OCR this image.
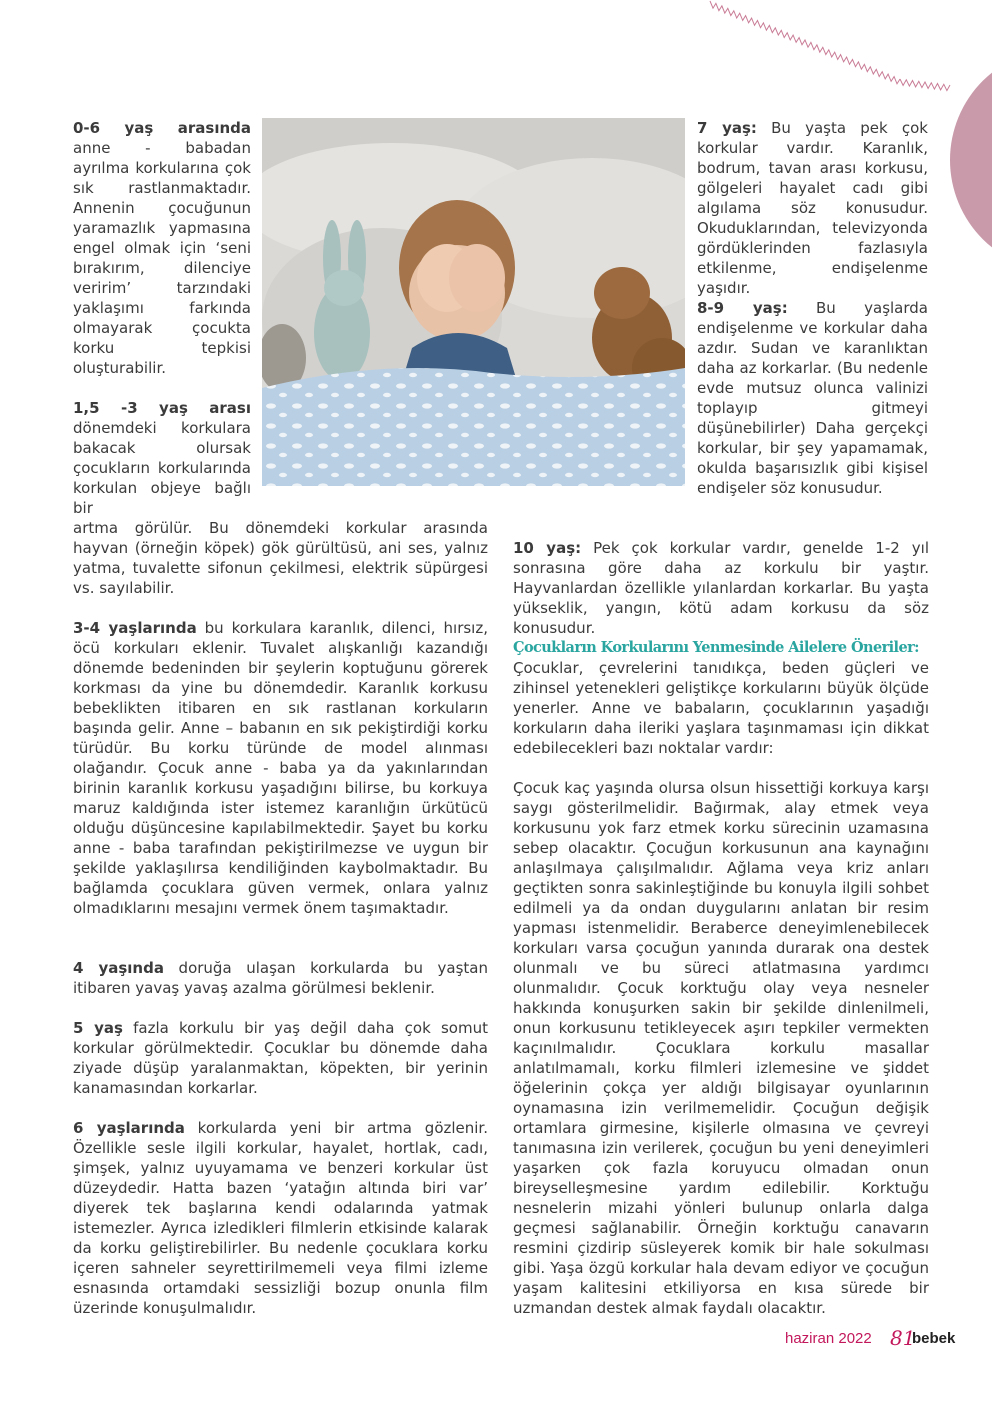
0-6 yaş arasında anne - babadan ayrılma korkularına çok sık rastlanmaktadır. Annenin çocuğunun yaramazlık yapmasına engel olmak için ‘seni bırakırım, dilenciye veririm’ tarzındaki yaklaşımı farkında olmayarak çocukta korku tepkisi oluşturabilir.

1,5 -3 yaş arası dönemdeki korkulara bakacak olursak çocukların korkularında korkulan objeye bağlı bir

artma görülür. Bu dönemdeki korkular arasında hayvan (örneğin köpek) gök gürültüsü, ani ses, yalnız yatma, tuvalette sifonun çekilmesi, elektrik süpürgesi vs. sayılabilir.

3-4 yaşlarında bu korkulara karanlık, dilenci, hırsız, öcü korkuları eklenir. Tuvalet alışkanlığı kazandığı dönemde bedeninden bir şeylerin koptuğunu görerek korkması da yine bu dönemdedir. Karanlık korkusu bebeklikten itibaren en sık rastlanan korkuların başında gelir. Anne – babanın en sık pekiştirdiği korku türüdür. Bu korku türünde de model alınması olağandır. Çocuk anne - baba ya da yakınlarından birinin karanlık korkusu yaşadığını bilirse, bu korkuya maruz kaldığında ister istemez karanlığın ürkütücü olduğu düşüncesine kapılabilmektedir. Şayet bu korku anne - baba tarafından pekiştirilmezse ve uygun bir şekilde yaklaşılırsa kendiliğinden kaybolmaktadır. Bu bağlamda çocuklara güven vermek, onlara yalnız olmadıklarını mesajını vermek önem taşımaktadır.

4 yaşında doruğa ulaşan korkularda bu yaştan itibaren yavaş yavaş azalma görülmesi beklenir.

5 yaş fazla korkulu bir yaş değil daha çok somut korkular görülmektedir. Çocuklar bu dönemde daha ziyade düşüp yaralanmaktan, köpekten, bir yerinin kanamasından korkarlar.

6 yaşlarında korkularda yeni bir artma gözlenir. Özellikle sesle ilgili korkular, hayalet, hortlak, cadı, şimşek, yalnız uyuyamama ve benzeri korkular üst düzeydedir. Hatta bazen ‘yatağın altında biri var’ diyerek tek başlarına kendi odalarında yatmak istemezler. Ayrıca izledikleri filmlerin etkisinde kalarak da korku geliştirebilirler. Bu nedenle çocuklara korku içeren sahneler seyrettirilmemeli veya filmi izleme esnasında ortamdaki sessizliği bozup onunla film üzerinde konuşulmalıdır.

7 yaş: Bu yaşta pek çok korkular vardır. Karanlık, bodrum, tavan arası korkusu, gölgeleri hayalet cadı gibi algılama söz konusudur. Okuduklarından, televizyonda gördüklerinden fazlasıyla etkilenme, endişelenme yaşıdır.

8-9 yaş: Bu yaşlarda endişelenme ve korkular daha azdır. Sudan ve karanlıktan daha az korkarlar. (Bu nedenle evde mutsuz olunca valinizi toplayıp gitmeyi düşünebilirler) Daha gerçekçi korkular, bir şey yapamamak, okulda başarısızlık gibi kişisel endişeler söz konusudur.

10 yaş: Pek çok korkular vardır, genelde 1-2 yıl sonrasına göre daha az korkulu bir yaştır. Hayvanlardan özellikle yılanlardan korkarlar. Bu yaşta yükseklik, yangın, kötü adam korkusu da söz konusudur.

Çocukların Korkularını Yenmesinde Ailelere Öneriler:

Çocuklar, çevrelerini tanıdıkça, beden güçleri ve zihinsel yetenekleri geliştikçe korkularını büyük ölçüde yenerler. Anne ve babaların, çocuklarının yaşadığı korkuların daha ileriki yaşlara taşınmaması için dikkat edebilecekleri bazı noktalar vardır:

Çocuk kaç yaşında olursa olsun hissettiği korkuya karşı saygı gösterilmelidir. Bağırmak, alay etmek veya korkusunu yok farz etmek korku sürecinin uzamasına sebep olacaktır. Çocuğun korkusunun ana kaynağını anlaşılmaya çalışılmalıdır. Ağlama veya kriz anları geçtikten sonra sakinleştiğinde bu konuyla ilgili sohbet edilmeli ya da ondan duygularını anlatan bir resim yapması istenmelidir. Beraberce deneyimlenebilecek korkuları varsa çocuğun yanında durarak ona destek olunmalı ve bu süreci atlatmasına yardımcı olunmalıdır. Çocuk korktuğu olay veya nesneler hakkında konuşurken sakin bir şekilde dinlenilmeli, onun korkusunu tetikleyecek aşırı tepkiler vermekten kaçınılmalıdır. Çocuklara korkulu masallar anlatılmamalı, korku filmleri izlemesine ve şiddet öğelerinin çokça yer aldığı bilgisayar oyunlarının oynamasına izin verilmemelidir. Çocuğun değişik ortamlara girmesine, kişilerle olmasına ve çevreyi tanımasına izin verilerek, çocuğun bu yeni deneyimleri yaşarken çok fazla koruyucu olmadan onun bireyselleşmesine yardım edilebilir. Korktuğu nesnelerin mizahi yönleri bulunup onlarla dalga geçmesi sağlanabilir. Örneğin korktuğu canavarın resmini çizdirip süsleyerek komik bir hale sokulması gibi. Yaşa özgü korkular hala devam ediyor ve çocuğun yaşam kalitesini etkiliyorsa en kısa sürede bir uzmandan destek almak faydalı olacaktır.

haziran 2022 81
bebek
